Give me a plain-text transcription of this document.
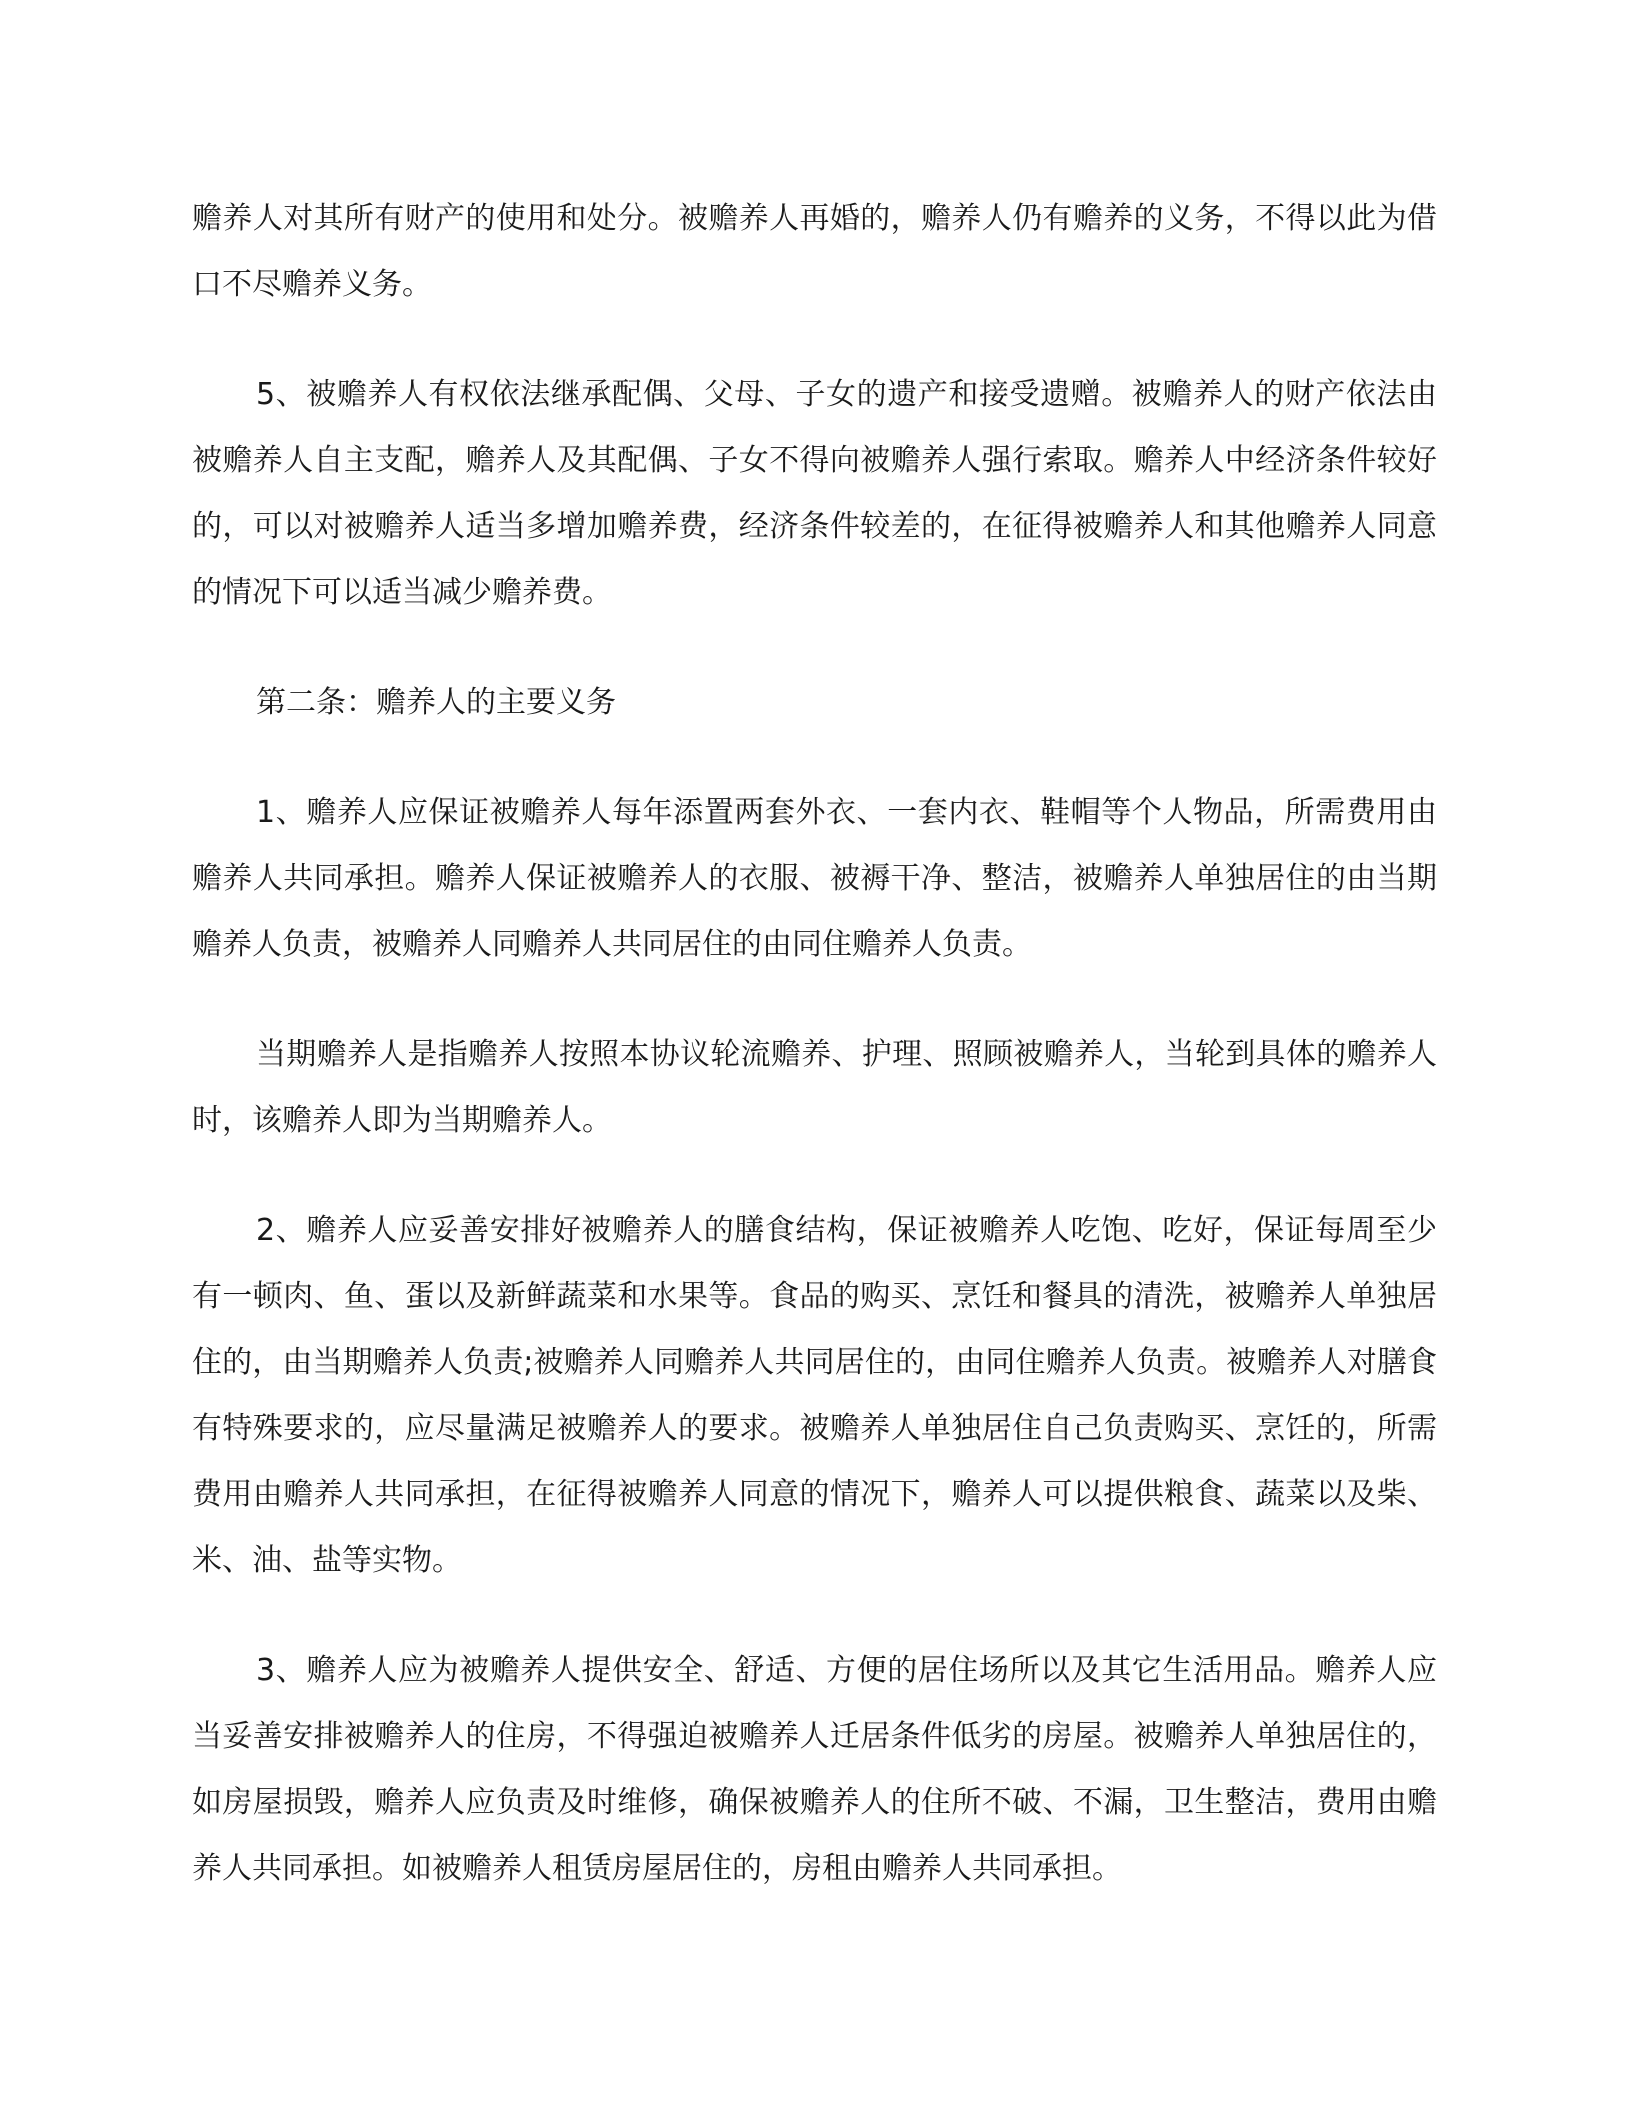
赡养人对其所有财产的使用和处分。被赡养人再婚的，赡养人仍有赡养的义务，不得以此为借口不尽赡养义务。

5、被赡养人有权依法继承配偶、父母、子女的遗产和接受遗赠。被赡养人的财产依法由被赡养人自主支配，赡养人及其配偶、子女不得向被赡养人强行索取。赡养人中经济条件较好的，可以对被赡养人适当多增加赡养费，经济条件较差的，在征得被赡养人和其他赡养人同意的情况下可以适当减少赡养费。

第二条：赡养人的主要义务

1、赡养人应保证被赡养人每年添置两套外衣、一套内衣、鞋帽等个人物品，所需费用由赡养人共同承担。赡养人保证被赡养人的衣服、被褥干净、整洁，被赡养人单独居住的由当期赡养人负责，被赡养人同赡养人共同居住的由同住赡养人负责。

当期赡养人是指赡养人按照本协议轮流赡养、护理、照顾被赡养人，当轮到具体的赡养人时，该赡养人即为当期赡养人。

2、赡养人应妥善安排好被赡养人的膳食结构，保证被赡养人吃饱、吃好，保证每周至少有一顿肉、鱼、蛋以及新鲜蔬菜和水果等。食品的购买、烹饪和餐具的清洗，被赡养人单独居住的，由当期赡养人负责;被赡养人同赡养人共同居住的，由同住赡养人负责。被赡养人对膳食有特殊要求的，应尽量满足被赡养人的要求。被赡养人单独居住自己负责购买、烹饪的，所需费用由赡养人共同承担，在征得被赡养人同意的情况下，赡养人可以提供粮食、蔬菜以及柴、米、油、盐等实物。

3、赡养人应为被赡养人提供安全、舒适、方便的居住场所以及其它生活用品。赡养人应当妥善安排被赡养人的住房，不得强迫被赡养人迁居条件低劣的房屋。被赡养人单独居住的，如房屋损毁，赡养人应负责及时维修，确保被赡养人的住所不破、不漏，卫生整洁，费用由赡养人共同承担。如被赡养人租赁房屋居住的，房租由赡养人共同承担。
